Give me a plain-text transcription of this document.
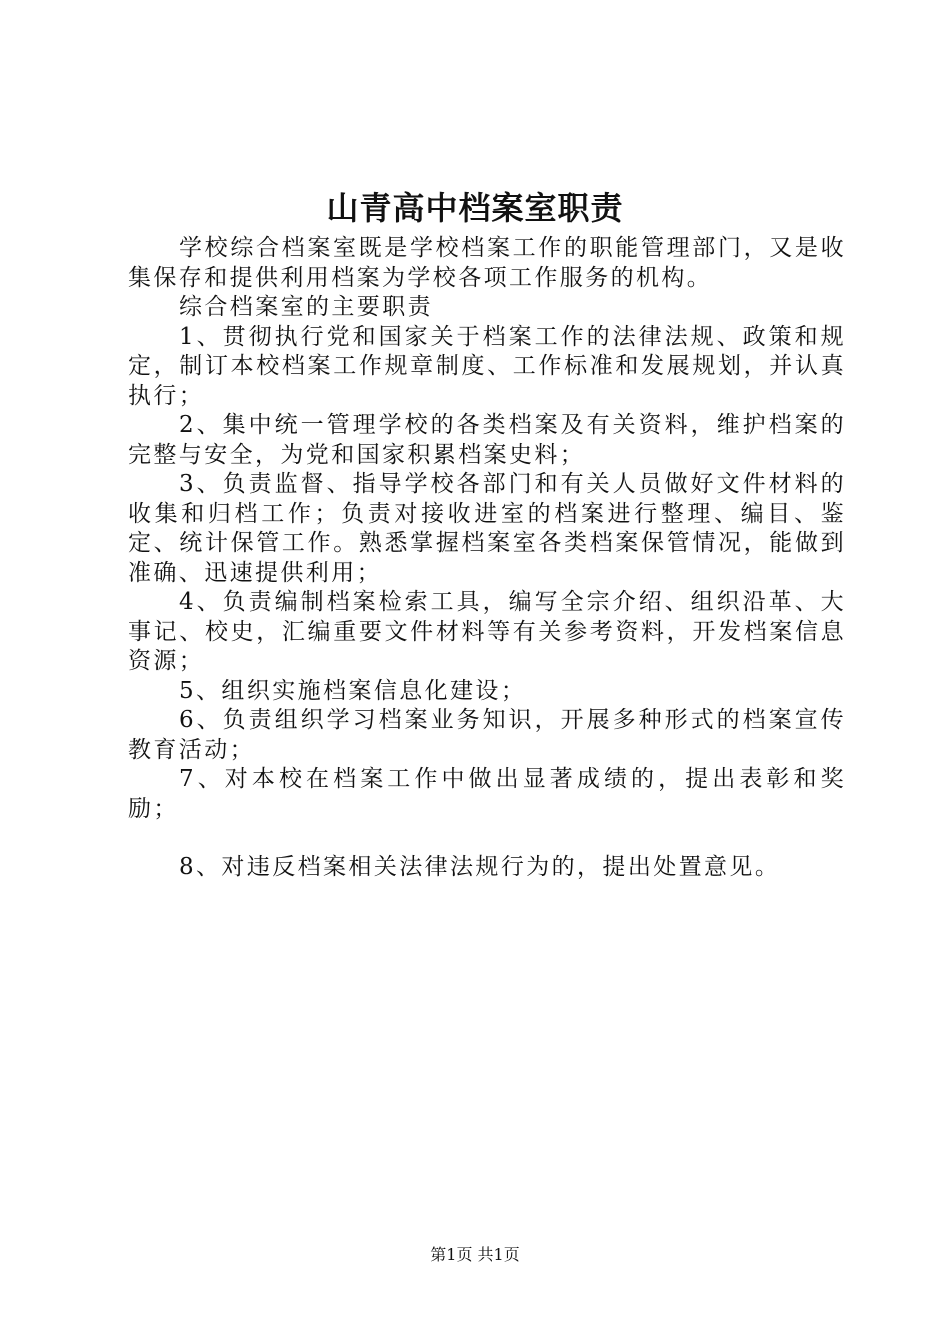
山青高中档案室职责

学校综合档案室既是学校档案工作的职能管理部门，又是收集保存和提供利用档案为学校各项工作服务的机构。

综合档案室的主要职责

1、贯彻执行党和国家关于档案工作的法律法规、政策和规定，制订本校档案工作规章制度、工作标准和发展规划，并认真执行；

2、集中统一管理学校的各类档案及有关资料，维护档案的完整与安全，为党和国家积累档案史料；

3、负责监督、指导学校各部门和有关人员做好文件材料的收集和归档工作；负责对接收进室的档案进行整理、编目、鉴定、统计保管工作。熟悉掌握档案室各类档案保管情况，能做到准确、迅速提供利用；

4、负责编制档案检索工具，编写全宗介绍、组织沿革、大事记、校史，汇编重要文件材料等有关参考资料，开发档案信息资源；

5、组织实施档案信息化建设；

6、负责组织学习档案业务知识，开展多种形式的档案宣传教育活动；

7、对本校在档案工作中做出显著成绩的，提出表彰和奖励；

8、对违反档案相关法律法规行为的，提出处置意见。

第1页 共1页
